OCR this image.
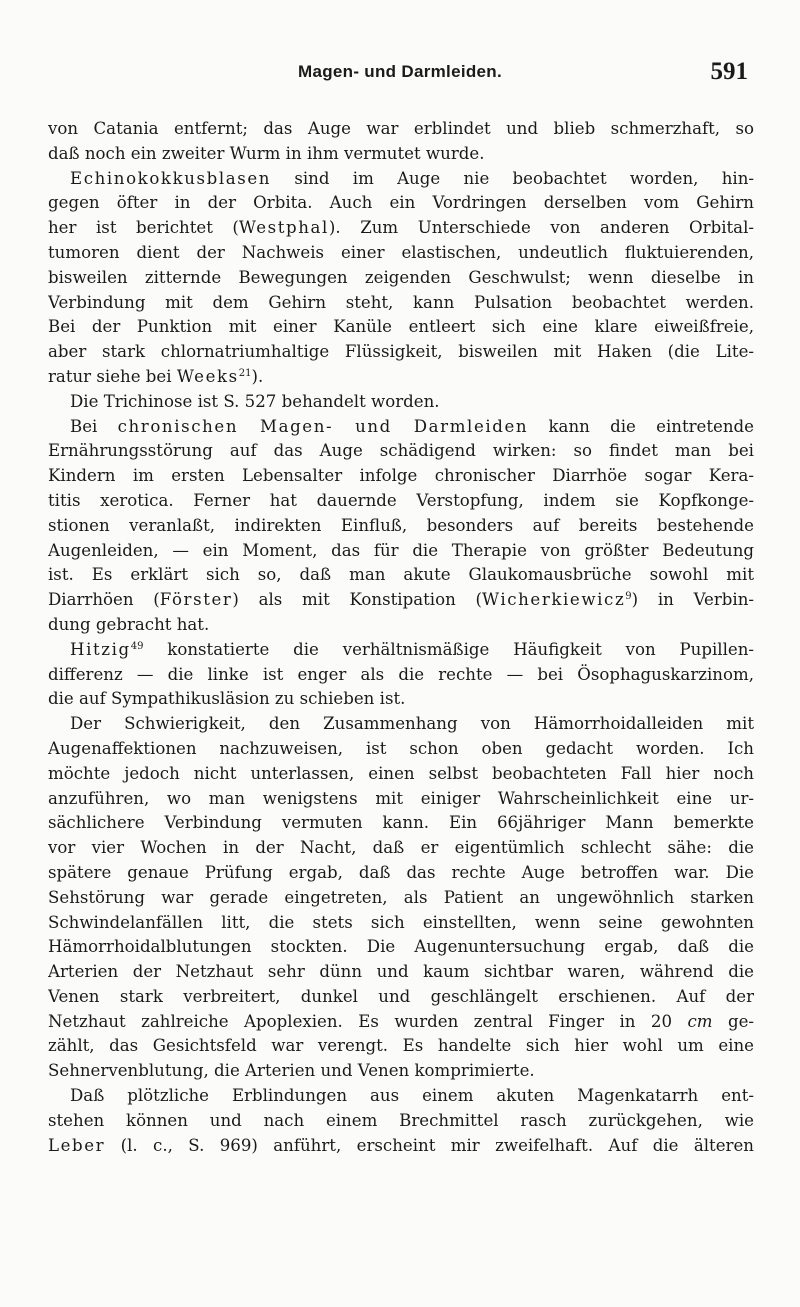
Magen- und Darmleiden.	591
von Catania entfernt; das Auge war erblindet und blieb schmerzhaft, so
daß noch ein zweiter Wurm in ihm vermutet wurde.
Echinokokkusblasen sind im Auge nie beobachtet worden, hin-
gegen öfter in der Orbita. Auch ein Vordringen derselben vom Gehirn
her ist berichtet (Westphal). Zum Unterschiede von anderen Orbital-
tumoren dient der Nachweis einer elastischen, undeutlich fluktuierenden,
bisweilen zitternde Bewegungen zeigenden Geschwulst; wenn dieselbe in
Verbindung mit dem Gehirn steht, kann Pulsation beobachtet werden.
Bei der Punktion mit einer Kanüle entleert sich eine klare eiweißfreie,
aber stark chlornatriumhaltige Flüssigkeit, bisweilen mit Haken (die Lite-
ratur siehe bei Weeks$^{21}$).
Die Trichinose ist S. 527 behandelt worden.
Bei chronischen Magen- und Darmleiden kann die eintretende
Ernährungsstörung auf das Auge schädigend wirken: so findet man bei
Kindern im ersten Lebensalter infolge chronischer Diarrhöe sogar Kera-
titis xerotica. Ferner hat dauernde Verstopfung, indem sie Kopfkonge-
stionen veranlaßt, indirekten Einfluß, besonders auf bereits bestehende
Augenleiden, — ein Moment, das für die Therapie von größter Bedeutung
ist. Es erklärt sich so, daß man akute Glaukomausbrüche sowohl mit
Diarrhöen (Förster) als mit Konstipation (Wicherkiewicz$^9$) in Verbin-
dung gebracht hat.
Hitzig$^{49}$ konstatierte die verhältnismäßige Häufigkeit von Pupillen-
differenz — die linke ist enger als die rechte — bei Ösophaguskarzinom,
die auf Sympathikusläsion zu schieben ist.
Der Schwierigkeit, den Zusammenhang von Hämorrhoidalleiden mit
Augenaffektionen nachzuweisen, ist schon oben gedacht worden. Ich
möchte jedoch nicht unterlassen, einen selbst beobachteten Fall hier noch
anzuführen, wo man wenigstens mit einiger Wahrscheinlichkeit eine ur-
sächlichere Verbindung vermuten kann. Ein 66jähriger Mann bemerkte
vor vier Wochen in der Nacht, daß er eigentümlich schlecht sähe: die
spätere genaue Prüfung ergab, daß das rechte Auge betroffen war. Die
Sehstörung war gerade eingetreten, als Patient an ungewöhnlich starken
Schwindelanfällen litt, die stets sich einstellten, wenn seine gewohnten
Hämorrhoidalblutungen stockten. Die Augenuntersuchung ergab, daß die
Arterien der Netzhaut sehr dünn und kaum sichtbar waren, während die
Venen stark verbreitert, dunkel und geschlängelt erschienen. Auf der
Netzhaut zahlreiche Apoplexien. Es wurden zentral Finger in 20 cm ge-
zählt, das Gesichtsfeld war verengt. Es handelte sich hier wohl um eine
Sehnervenblutung, die Arterien und Venen komprimierte.
Daß plötzliche Erblindungen aus einem akuten Magenkatarrh ent-
stehen können und nach einem Brechmittel rasch zurückgehen, wie
Leber (l. c., S. 969) anführt, erscheint mir zweifelhaft. Auf die älteren
